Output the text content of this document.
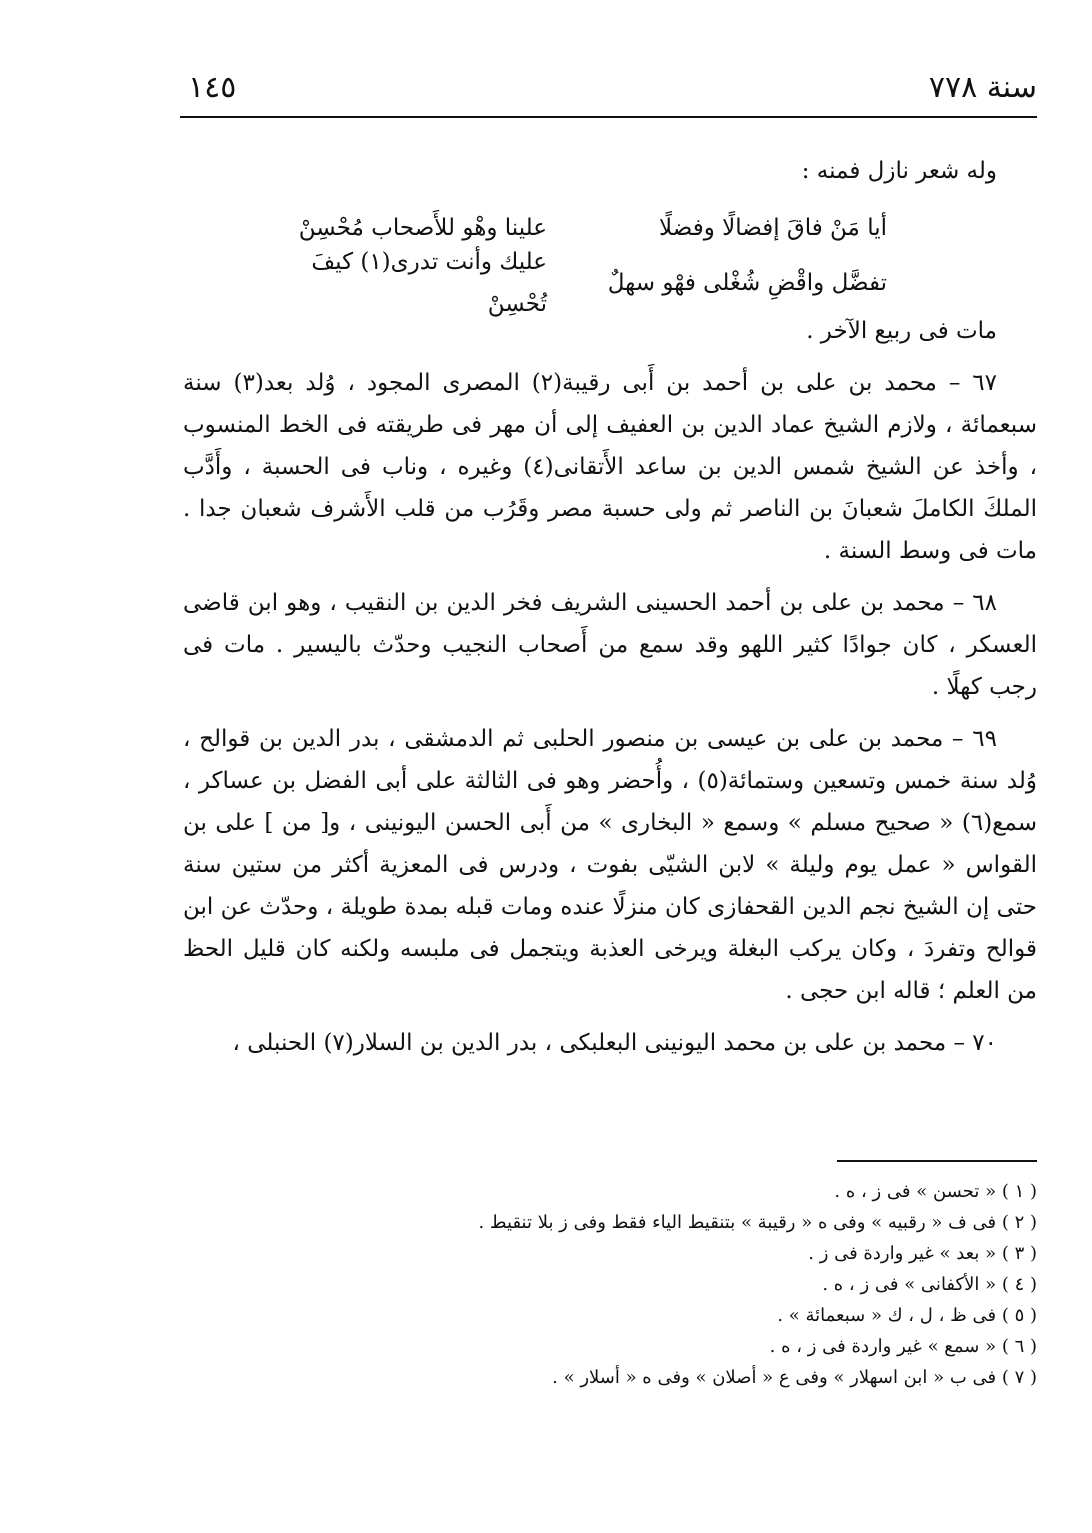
سنة ٧٧٨
١٤٥

وله شعر نازل فمنه :

أيا مَنْ فاقَ إفضالًا وفضلًا
علينا وهْو للأَصحاب مُحْسِنْ
تفضَّل واقْضِ شُغْلى فهْو سهلٌ
عليك وأنت تدرى(١) كيفَ تُحْسِنْ

مات فى ربيع الآخر .

٦٧ – محمد بن على بن أحمد بن أَبى رقيبة(٢) المصرى المجود ، وُلد بعد(٣) سنة سبعمائة ، ولازم الشيخ عماد الدين بن العفيف إلى أن مهر فى طريقته فى الخط المنسوب ، وأخذ عن الشيخ شمس الدين بن ساعد الأَتقانى(٤) وغيره ، وناب فى الحسبة ، وأَدَّب الملكَ الكاملَ شعبانَ بن الناصر ثم ولى حسبة مصر وقَرُب من قلب الأَشرف شعبان جدا . مات فى وسط السنة .

٦٨ – محمد بن على بن أحمد الحسينى الشريف فخر الدين بن النقيب ، وهو ابن قاضى العسكر ، كان جوادًا كثير اللهو وقد سمع من أَصحاب النجيب وحدّث باليسير . مات فى رجب كهلًا .

٦٩ – محمد بن على بن عيسى بن منصور الحلبى ثم الدمشقى ، بدر الدين بن قوالح ، وُلد سنة خمس وتسعين وستمائة(٥) ، وأُحضر وهو فى الثالثة على أبى الفضل بن عساكر ، سمع(٦) « صحيح مسلم » وسمع « البخارى » من أَبى الحسن اليونينى ، و[ من ] على بن القواس « عمل يوم وليلة » لابن الشيّى بفوت ، ودرس فى المعزية أكثر من ستين سنة حتى إن الشيخ نجم الدين القحفازى كان منزلًا عنده ومات قبله بمدة طويلة ، وحدّث عن ابن قوالح وتفردَ ، وكان يركب البغلة ويرخى العذبة ويتجمل فى ملبسه ولكنه كان قليل الحظ من العلم ؛ قاله ابن حجى .

٧٠ – محمد بن على بن محمد اليونينى البعلبكى ، بدر الدين بن السلار(٧) الحنبلى ،

( ١ ) « تحسن » فى ز ، ه .
( ٢ ) فى ف « رقبيه » وفى ه « رقيبة » بتنقيط الياء فقط وفى ز بلا تنقيط .
( ٣ ) « بعد » غير واردة فى ز .
( ٤ ) « الأكفانى » فى ز ، ه .
( ٥ ) فى ظ ، ل ، ك « سبعمائة » .
( ٦ ) « سمع » غير واردة فى ز ، ه .
( ٧ ) فى ب « ابن اسهلار » وفى ع « أصلان » وفى ه « أسلار » .
